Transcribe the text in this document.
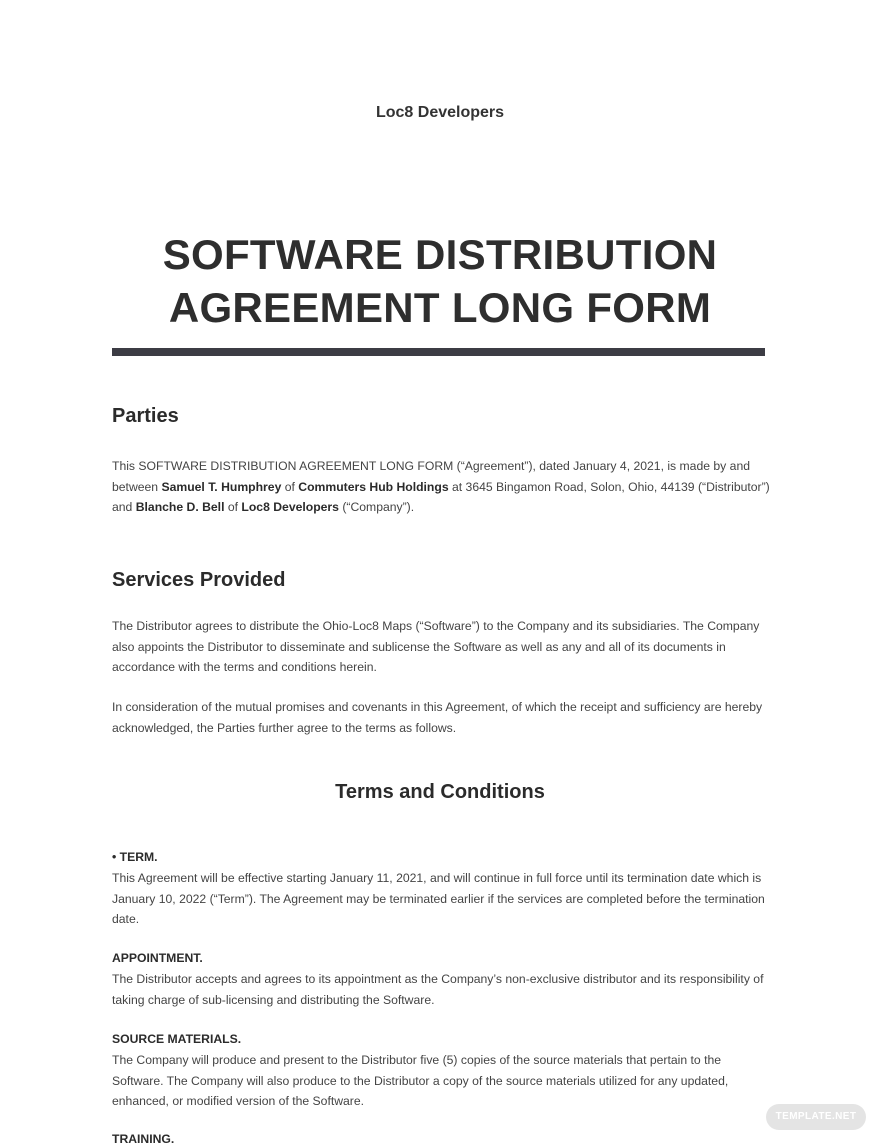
Loc8 Developers
SOFTWARE DISTRIBUTION
AGREEMENT LONG FORM
Parties

This SOFTWARE DISTRIBUTION AGREEMENT LONG FORM (“Agreement”), dated January 4, 2021, is made by and between Samuel T. Humphrey of Commuters Hub Holdings at 3645 Bingamon Road, Solon, Ohio, 44139 (“Distributor”) and Blanche D. Bell of Loc8 Developers (“Company”).

Services Provided

The Distributor agrees to distribute the Ohio-Loc8 Maps (“Software”) to the Company and its subsidiaries. The Company also appoints the Distributor to disseminate and sublicense the Software as well as any and all of its documents in accordance with the terms and conditions herein.

In consideration of the mutual promises and covenants in this Agreement, of which the receipt and sufficiency are hereby acknowledged, the Parties further agree to the terms as follows.

Terms and Conditions
• TERM.

This Agreement will be effective starting January 11, 2021, and will continue in full force until its termination date which is January 10, 2022 (“Term”). The Agreement may be terminated earlier if the services are completed before the termination date.

APPOINTMENT.

The Distributor accepts and agrees to its appointment as the Company’s non-exclusive distributor and its responsibility of taking charge of sub-licensing and distributing the Software.

SOURCE MATERIALS.

The Company will produce and present to the Distributor five (5) copies of the source materials that pertain to the Software. The Company will also produce to the Distributor a copy of the source materials utilized for any updated, enhanced, or modified version of the Software.

TRAINING.
TEMPLATE.NET
